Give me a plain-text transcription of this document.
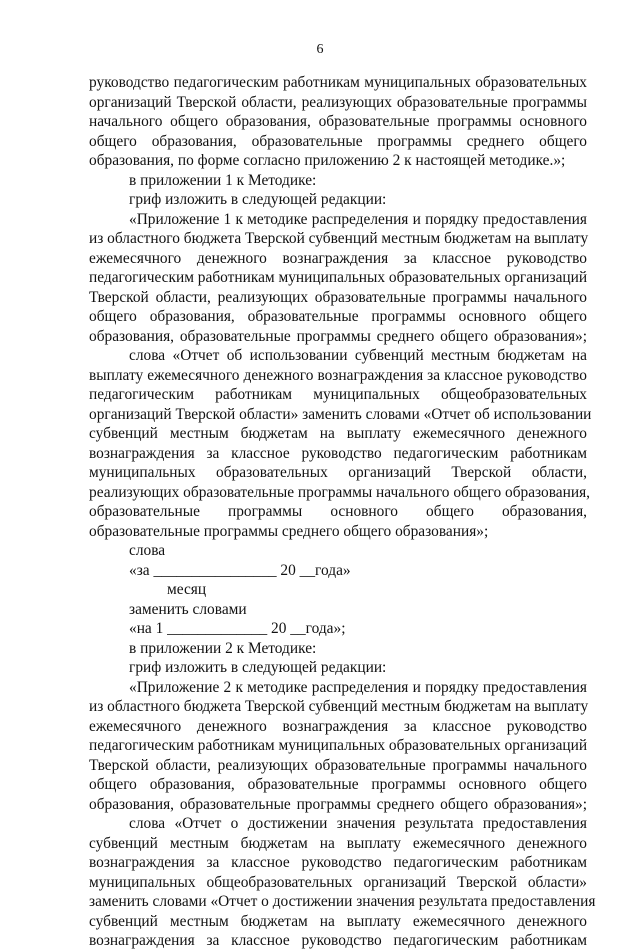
6
руководство педагогическим работникам муниципальных образовательных
организаций Тверской области, реализующих образовательные программы
начального общего образования, образовательные программы основного
общего образования, образовательные программы среднего общего
образования, по форме согласно приложению 2 к настоящей методике.»;
в приложении 1 к Методике:
гриф изложить в следующей редакции:
«Приложение 1 к методике распределения и порядку предоставления
из областного бюджета Тверской субвенций местным бюджетам на выплату
ежемесячного денежного вознаграждения за классное руководство
педагогическим работникам муниципальных образовательных организаций
Тверской области, реализующих образовательные программы начального
общего образования, образовательные программы основного общего
образования, образовательные программы среднего общего образования»;
слова «Отчет об использовании субвенций местным бюджетам на
выплату ежемесячного денежного вознаграждения за классное руководство
педагогическим работникам муниципальных общеобразовательных
организаций Тверской области» заменить словами «Отчет об использовании
субвенций местным бюджетам на выплату ежемесячного денежного
вознаграждения за классное руководство педагогическим работникам
муниципальных образовательных организаций Тверской области,
реализующих образовательные программы начального общего образования,
образовательные программы основного общего образования,
образовательные программы среднего общего образования»;
слова
«за ________________ 20 __года»
месяц
заменить словами
«на 1 _____________ 20 __года»;
в приложении 2 к Методике:
гриф изложить в следующей редакции:
«Приложение 2 к методике распределения и порядку предоставления
из областного бюджета Тверской субвенций местным бюджетам на выплату
ежемесячного денежного вознаграждения за классное руководство
педагогическим работникам муниципальных образовательных организаций
Тверской области, реализующих образовательные программы начального
общего образования, образовательные программы основного общего
образования, образовательные программы среднего общего образования»;
слова «Отчет о достижении значения результата предоставления
субвенций местным бюджетам на выплату ежемесячного денежного
вознаграждения за классное руководство педагогическим работникам
муниципальных общеобразовательных организаций Тверской области»
заменить словами «Отчет о достижении значения результата предоставления
субвенций местным бюджетам на выплату ежемесячного денежного
вознаграждения за классное руководство педагогическим работникам
